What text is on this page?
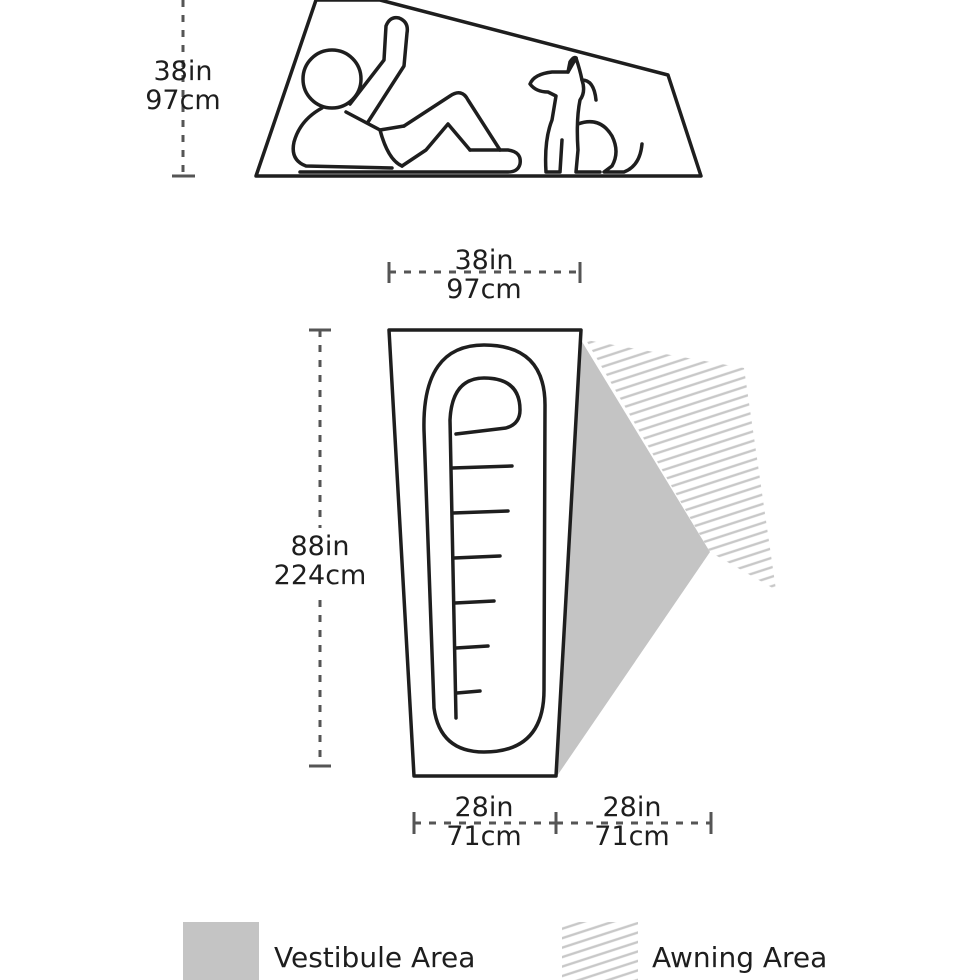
38in
97cm
38in
97cm
88in
224cm
28in
71cm
28in
71cm
Vestibule Area	Awning Area
